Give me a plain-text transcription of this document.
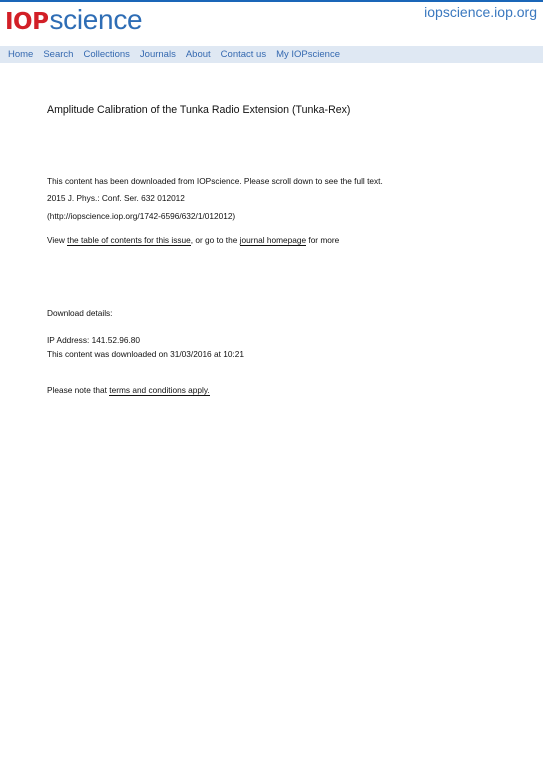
IOP science	iopscience.iop.org
Home Search Collections Journals About Contact us My IOPscience
Amplitude Calibration of the Tunka Radio Extension (Tunka-Rex)
This content has been downloaded from IOPscience. Please scroll down to see the full text.
2015 J. Phys.: Conf. Ser. 632 012012
(http://iopscience.iop.org/1742-6596/632/1/012012)
View the table of contents for this issue, or go to the journal homepage for more
Download details:
IP Address: 141.52.96.80
This content was downloaded on 31/03/2016 at 10:21
Please note that terms and conditions apply.
